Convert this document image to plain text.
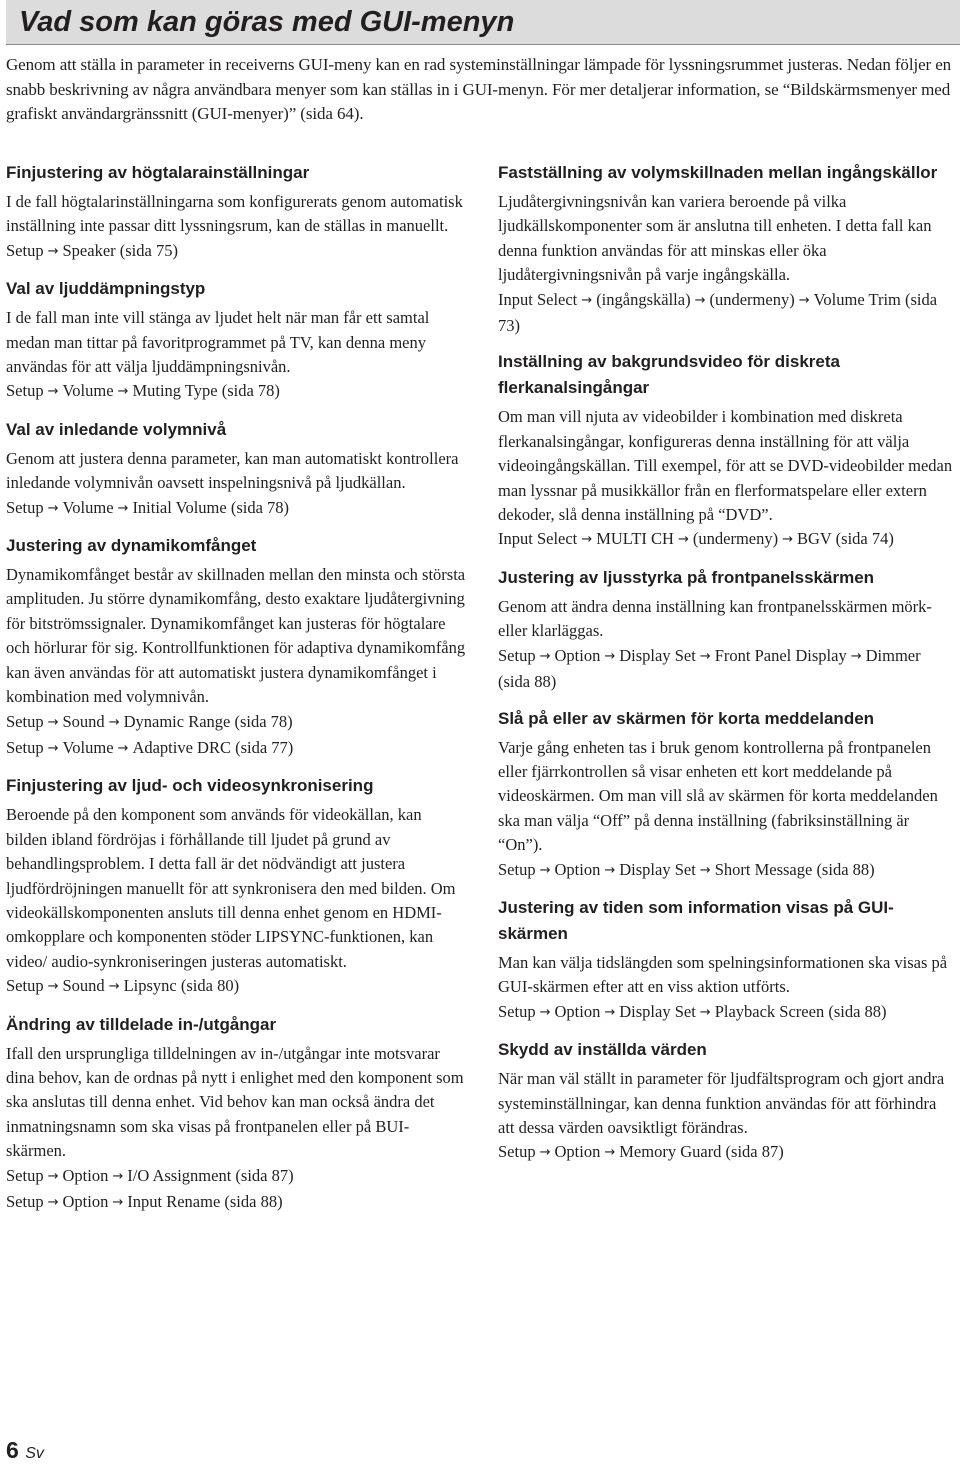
Vad som kan göras med GUI-menyn

Genom att ställa in parameter in receiverns GUI-meny kan en rad systeminställningar lämpade för lyssningsrummet justeras. Nedan följer en snabb beskrivning av några användbara menyer som kan ställas in i GUI-menyn. För mer detaljerar information, se “Bildskärmsmenyer med grafiskt användargränssnitt (GUI-menyer)” (sida 64).

Finjustering av högtalarainställningar

I de fall högtalarinställningarna som konfigurerats genom automatisk inställning inte passar ditt lyssningsrum, kan de ställas in manuellt.

Setup → Speaker (sida 75)
Val av ljuddämpningstyp

I de fall man inte vill stänga av ljudet helt när man får ett samtal medan man tittar på favoritprogrammet på TV, kan denna meny användas för att välja ljuddämpningsnivån.

Setup → Volume → Muting Type (sida 78)
Val av inledande volymnivå

Genom att justera denna parameter, kan man automatiskt kontrollera inledande volymnivån oavsett inspelningsnivå på ljudkällan.

Setup → Volume → Initial Volume (sida 78)
Justering av dynamikomfånget

Dynamikomfånget består av skillnaden mellan den minsta och största amplituden. Ju större dynamikomfång, desto exaktare ljudåtergivning för bitströmssignaler. Dynamikomfånget kan justeras för högtalare och hörlurar för sig. Kontrollfunktionen för adaptiva dynamikomfång kan även användas för att automatiskt justera dynamikomfånget i kombination med volymnivån.

Setup → Sound → Dynamic Range (sida 78)
Setup → Volume → Adaptive DRC (sida 77)
Finjustering av ljud- och videosynkronisering

Beroende på den komponent som används för videokällan, kan bilden ibland fördröjas i förhållande till ljudet på grund av behandlingsproblem. I detta fall är det nödvändigt att justera ljudfördröjningen manuellt för att synkronisera den med bilden. Om videokällskomponenten ansluts till denna enhet genom en HDMI-omkopplare och komponenten stöder LIPSYNC-funktionen, kan video/ audio-synkroniseringen justeras automatiskt.

Setup → Sound → Lipsync (sida 80)
Ändring av tilldelade in-/utgångar

Ifall den ursprungliga tilldelningen av in-/utgångar inte motsvarar dina behov, kan de ordnas på nytt i enlighet med den komponent som ska anslutas till denna enhet. Vid behov kan man också ändra det inmatningsnamn som ska visas på frontpanelen eller på BUI-skärmen.

Setup → Option → I/O Assignment (sida 87)
Setup → Option → Input Rename (sida 88)
Fastställning av volymskillnaden mellan ingångskällor

Ljudåtergivningsnivån kan variera beroende på vilka ljudkällskomponenter som är anslutna till enheten. I detta fall kan denna funktion användas för att minskas eller öka ljudåtergivningsnivån på varje ingångskälla.

Input Select → (ingångskälla) → (undermeny) → Volume Trim (sida 73)
Inställning av bakgrundsvideo för diskreta flerkanalsingångar

Om man vill njuta av videobilder i kombination med diskreta flerkanalsingångar, konfigureras denna inställning för att välja videoingångskällan. Till exempel, för att se DVD-videobilder medan man lyssnar på musikkällor från en flerformatspelare eller extern dekoder, slå denna inställning på “DVD”.

Input Select → MULTI CH → (undermeny) → BGV (sida 74)
Justering av ljusstyrka på frontpanelsskärmen

Genom att ändra denna inställning kan frontpanelsskärmen mörk- eller klarläggas.

Setup → Option → Display Set → Front Panel Display → Dimmer (sida 88)
Slå på eller av skärmen för korta meddelanden

Varje gång enheten tas i bruk genom kontrollerna på frontpanelen eller fjärrkontrollen så visar enheten ett kort meddelande på videoskärmen. Om man vill slå av skärmen för korta meddelanden ska man välja “Off” på denna inställning (fabriksinställning är “On”).

Setup → Option → Display Set → Short Message (sida 88)
Justering av tiden som information visas på GUI-skärmen

Man kan välja tidslängden som spelningsinformationen ska visas på GUI-skärmen efter att en viss aktion utförts.

Setup → Option → Display Set → Playback Screen (sida 88)
Skydd av inställda värden

När man väl ställt in parameter för ljudfältsprogram och gjort andra systeminställningar, kan denna funktion användas för att förhindra att dessa värden oavsiktligt förändras.

Setup → Option → Memory Guard (sida 87)
6 Sv
